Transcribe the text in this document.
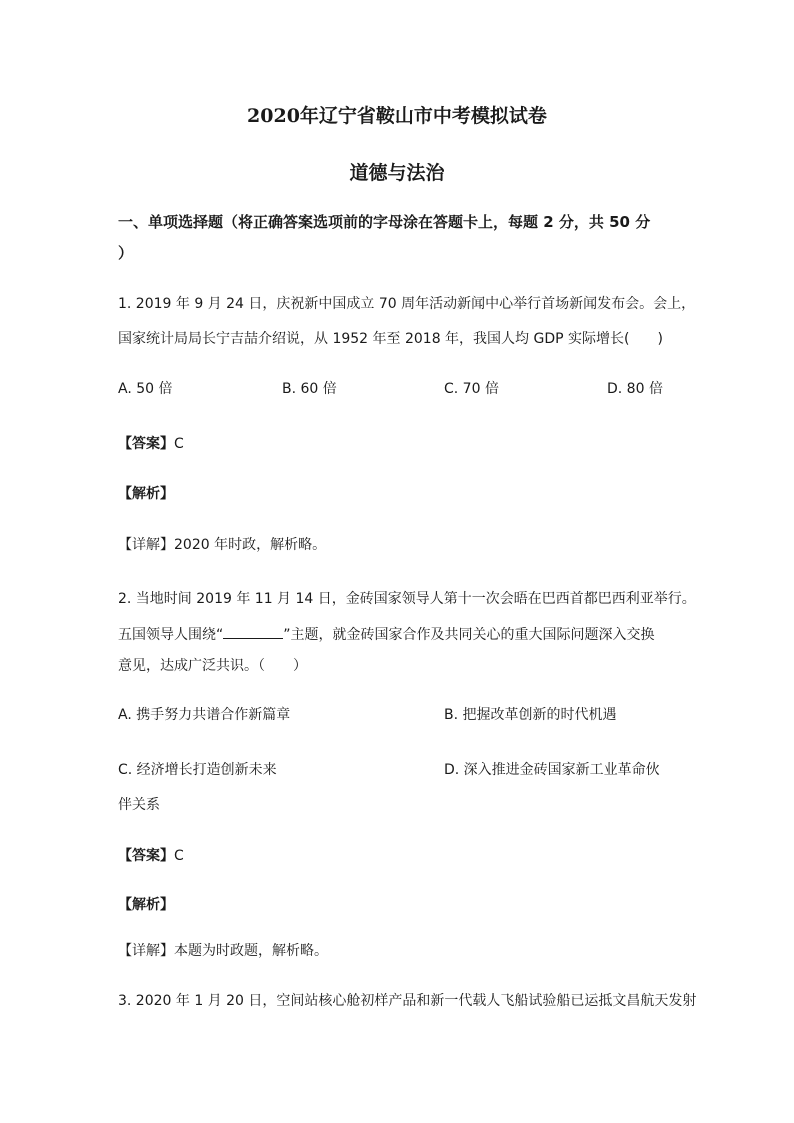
2020年辽宁省鞍山市中考模拟试卷
道德与法治
一、单项选择题（将正确答案选项前的字母涂在答题卡上，每题 2 分，共 50 分
）
1. 2019 年 9 月 24 日，庆祝新中国成立 70 周年活动新闻中心举行首场新闻发布会。会上，
国家统计局局长宁吉喆介绍说，从 1952 年至 2018 年，我国人均 GDP 实际增长(　　)
A. 50 倍	B. 60 倍	C. 70 倍	D. 80 倍
【答案】C
【解析】
【详解】2020 年时政，解析略。
2. 当地时间 2019 年 11 月 14 日，金砖国家领导人第十一次会晤在巴西首都巴西利亚举行。
五国领导人围绕“	”主题，就金砖国家合作及共同关心的重大国际问题深入交换
意见，达成广泛共识。（　　）
A. 携手努力共谱合作新篇章	B. 把握改革创新的时代机遇
C. 经济增长打造创新未来	D. 深入推进金砖国家新工业革命伙
伴关系
【答案】C
【解析】
【详解】本题为时政题，解析略。
3. 2020 年 1 月 20 日，空间站核心舱初样产品和新一代载人飞船试验船已运抵文昌航天发射
